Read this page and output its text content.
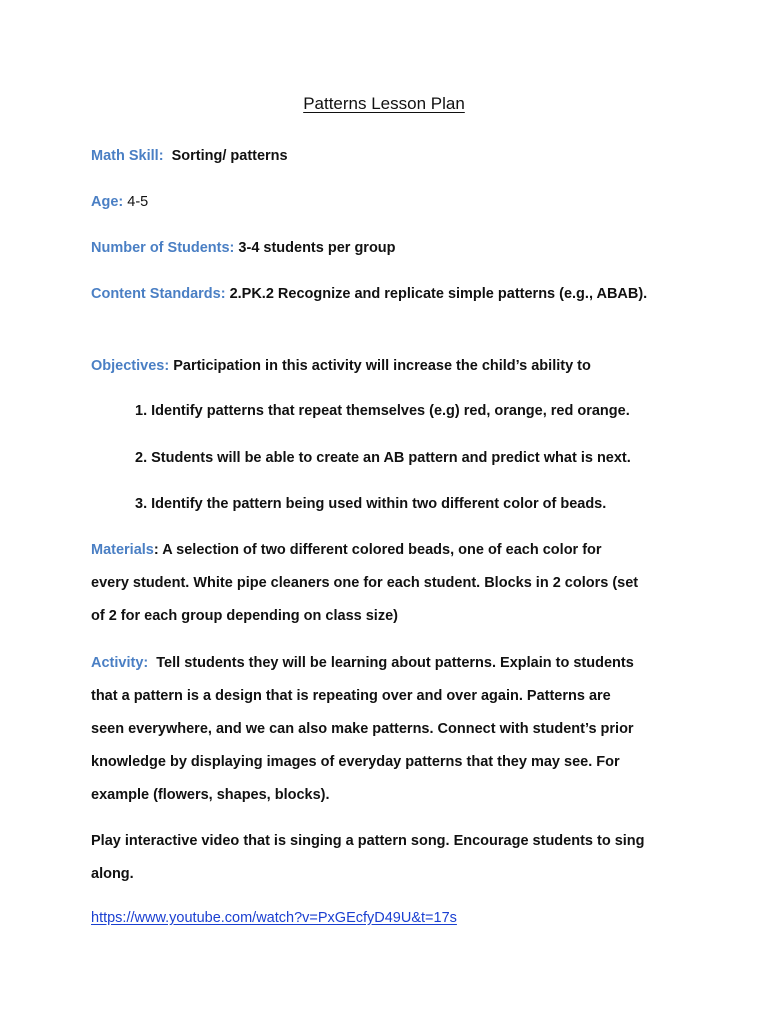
Patterns Lesson Plan
Math Skill: Sorting/ patterns
Age: 4-5
Number of Students: 3-4 students per group
Content Standards: 2.PK.2 Recognize and replicate simple patterns (e.g., ABAB).
Objectives: Participation in this activity will increase the child’s ability to
1. Identify patterns that repeat themselves (e.g) red, orange, red orange.
2. Students will be able to create an AB pattern and predict what is next.
3. Identify the pattern being used within two different color of beads.
Materials: A selection of two different colored beads, one of each color for
every student. White pipe cleaners one for each student. Blocks in 2 colors (set
of 2 for each group depending on class size)
Activity: Tell students they will be learning about patterns. Explain to students
that a pattern is a design that is repeating over and over again. Patterns are
seen everywhere, and we can also make patterns. Connect with student’s prior
knowledge by displaying images of everyday patterns that they may see. For
example (flowers, shapes, blocks).
Play interactive video that is singing a pattern song. Encourage students to sing
along.
https://www.youtube.com/watch?v=PxGEcfyD49U&t=17s
